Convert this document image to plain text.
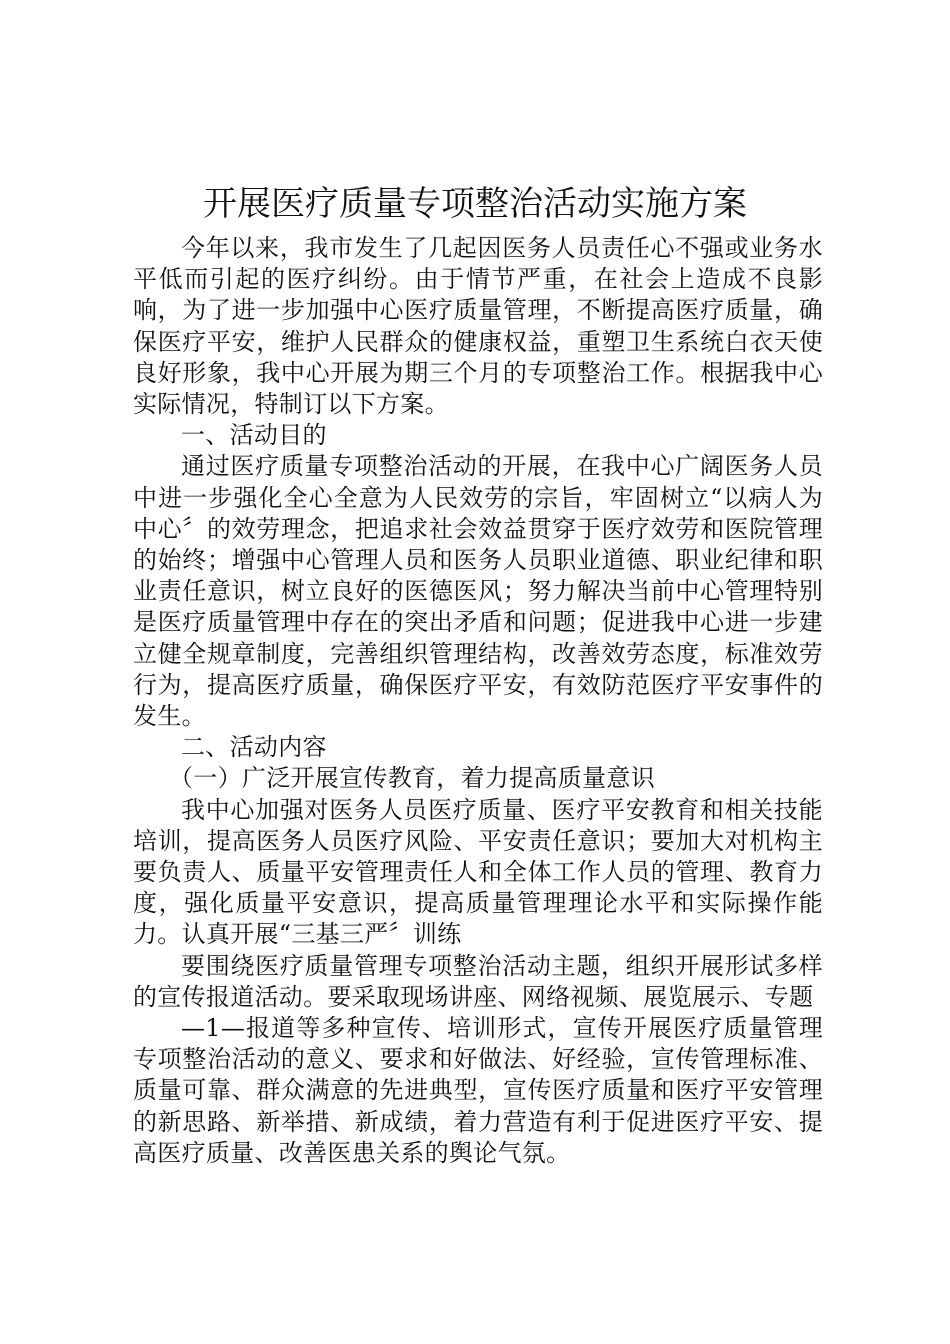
开展医疗质量专项整治活动实施方案

今年以来，我市发生了几起因医务人员责任心不强或业务水平低而引起的医疗纠纷。由于情节严重，在社会上造成不良影响，为了进一步加强中心医疗质量管理，不断提高医疗质量，确保医疗平安，维护人民群众的健康权益，重塑卫生系统白衣天使良好形象，我中心开展为期三个月的专项整治工作。根据我中心实际情况，特制订以下方案。

一、活动目的

通过医疗质量专项整治活动的开展，在我中心广阔医务人员中进一步强化全心全意为人民效劳的宗旨，牢固树立“以病人为中心〞的效劳理念，把追求社会效益贯穿于医疗效劳和医院管理的始终；增强中心管理人员和医务人员职业道德、职业纪律和职业责任意识，树立良好的医德医风；努力解决当前中心管理特别是医疗质量管理中存在的突出矛盾和问题；促进我中心进一步建立健全规章制度，完善组织管理结构，改善效劳态度，标准效劳行为，提高医疗质量，确保医疗平安，有效防范医疗平安事件的发生。

二、活动内容

（一）广泛开展宣传教育，着力提高质量意识

我中心加强对医务人员医疗质量、医疗平安教育和相关技能培训，提高医务人员医疗风险、平安责任意识；要加大对机构主要负责人、质量平安管理责任人和全体工作人员的管理、教育力度，强化质量平安意识，提高质量管理理论水平和实际操作能力。认真开展“三基三严〞训练

要围绕医疗质量管理专项整治活动主题，组织开展形试多样的宣传报道活动。要采取现场讲座、网络视频、展览展示、专题

—1—报道等多种宣传、培训形式，宣传开展医疗质量管理专项整治活动的意义、要求和好做法、好经验，宣传管理标准、质量可靠、群众满意的先进典型，宣传医疗质量和医疗平安管理的新思路、新举措、新成绩，着力营造有利于促进医疗平安、提高医疗质量、改善医患关系的舆论气氛。
